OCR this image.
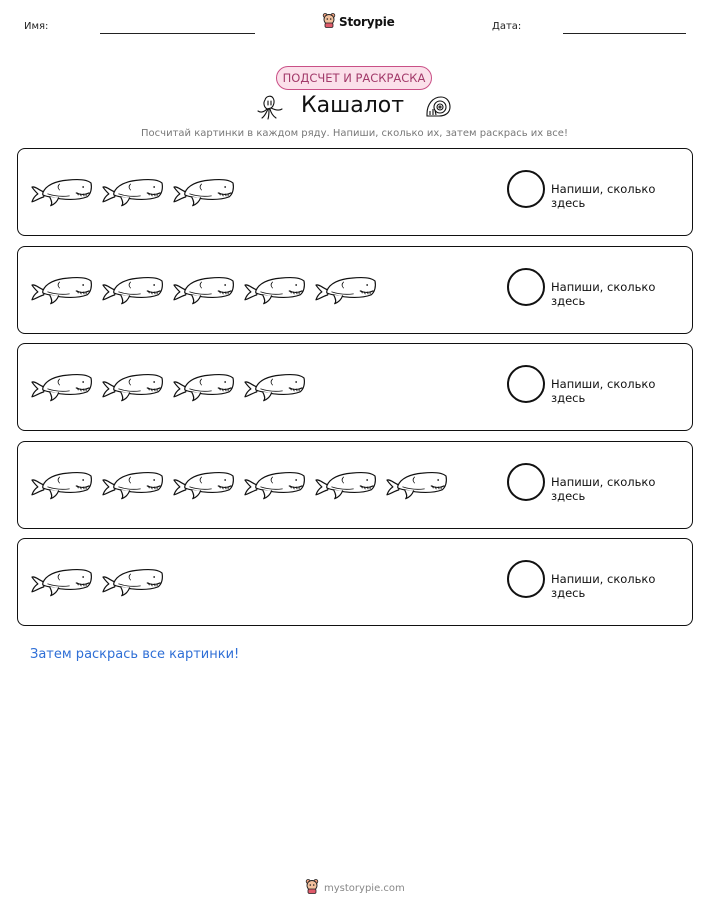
Имя:	Storypie	Дата:
ПОДСЧЕТ И РАСКРАСКА
Кашалот
Посчитай картинки в каждом ряду. Напиши, сколько их, затем раскрась их все!
Напиши, сколько здесь
Напиши, сколько здесь
Напиши, сколько здесь
Напиши, сколько здесь
Напиши, сколько здесь
Затем раскрась все картинки!
mystorypie.com
